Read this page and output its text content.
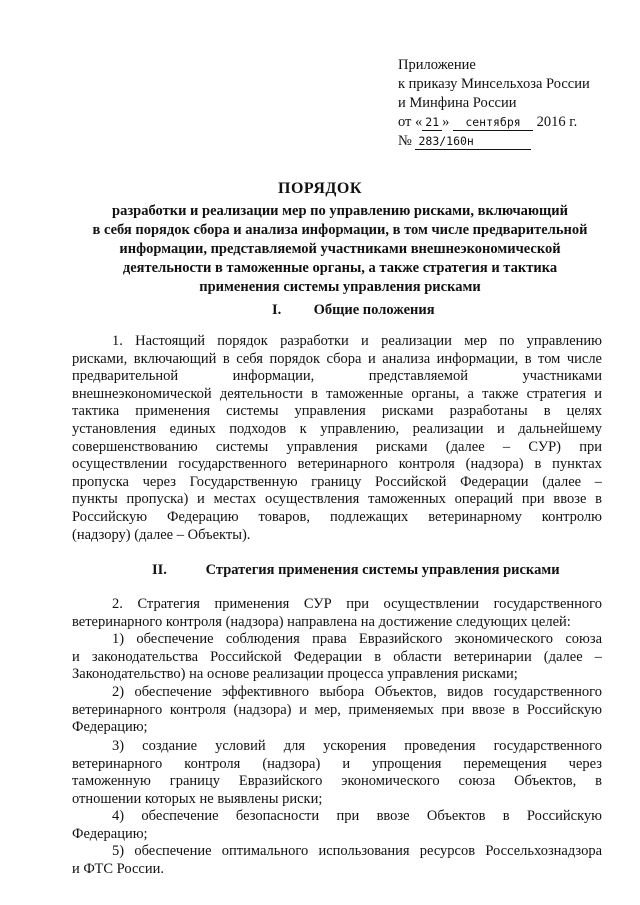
Приложение
к приказу Минсельхоза России
и Минфина России
от « 21 » сентября 2016 г.
№ 283/160н
ПОРЯДОК
разработки и реализации мер по управлению рисками, включающий
в себя порядок сбора и анализа информации, в том числе предварительной
информации, представляемой участниками внешнеэкономической
деятельности в таможенные органы, а также стратегия и тактика
применения системы управления рисками
I. Общие положения
1. Настоящий порядок разработки и реализации мер по управлению
рисками, включающий в себя порядок сбора и анализа информации, в том числе
предварительной информации, представляемой участниками
внешнеэкономической деятельности в таможенные органы, а также стратегия и
тактика применения системы управления рисками разработаны в целях
установления единых подходов к управлению, реализации и дальнейшему
совершенствованию системы управления рисками (далее – СУР) при
осуществлении государственного ветеринарного контроля (надзора) в пунктах
пропуска через Государственную границу Российской Федерации (далее –
пункты пропуска) и местах осуществления таможенных операций при ввозе в
Российскую Федерацию товаров, подлежащих ветеринарному контролю
(надзору) (далее – Объекты).
II.	Стратегия применения системы управления рисками
2. Стратегия применения СУР при осуществлении государственного
ветеринарного контроля (надзора) направлена на достижение следующих целей:
1) обеспечение соблюдения права Евразийского экономического союза
и законодательства Российской Федерации в области ветеринарии (далее –
Законодательство) на основе реализации процесса управления рисками;
2) обеспечение эффективного выбора Объектов, видов государственного
ветеринарного контроля (надзора) и мер, применяемых при ввозе в Российскую
Федерацию;
3) создание условий для ускорения проведения государственного
ветеринарного контроля (надзора) и упрощения перемещения через
таможенную границу Евразийского экономического союза Объектов, в
отношении которых не выявлены риски;
4) обеспечение безопасности при ввозе Объектов в Российскую
Федерацию;
5) обеспечение оптимального использования ресурсов Россельхознадзора
и ФТС России.
